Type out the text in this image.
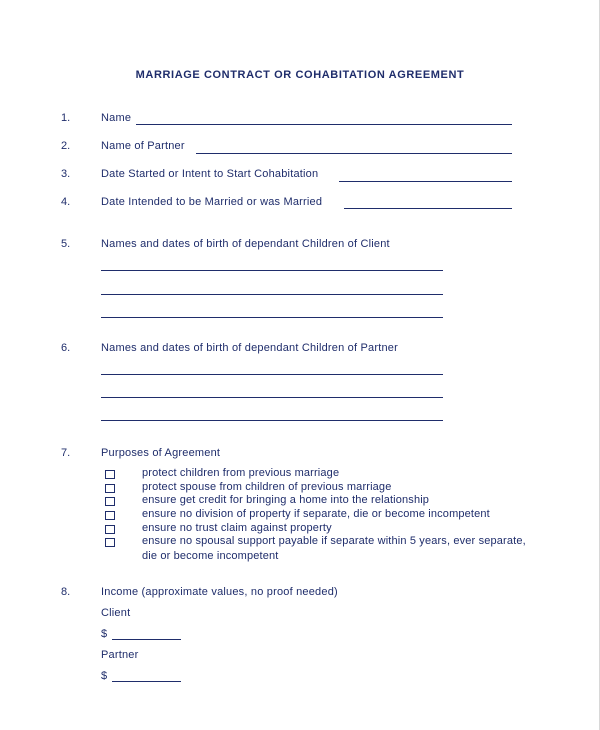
MARRIAGE CONTRACT OR COHABITATION AGREEMENT
1.	Name
2.	Name of Partner
3.	Date Started or Intent to Start Cohabitation
4.	Date Intended to be Married or was Married
5.	Names and dates of birth of dependant Children of Client
6.	Names and dates of birth of dependant Children of Partner
7.	Purposes of Agreement
protect children from previous marriage
protect spouse from children of previous marriage
ensure get credit for bringing a home into the relationship
ensure no division of property if separate, die or become incompetent
ensure no trust claim against property
ensure no spousal support payable if separate within 5 years, ever separate,
die or become incompetent
8.	Income (approximate values, no proof needed)
Client
$
Partner
$
